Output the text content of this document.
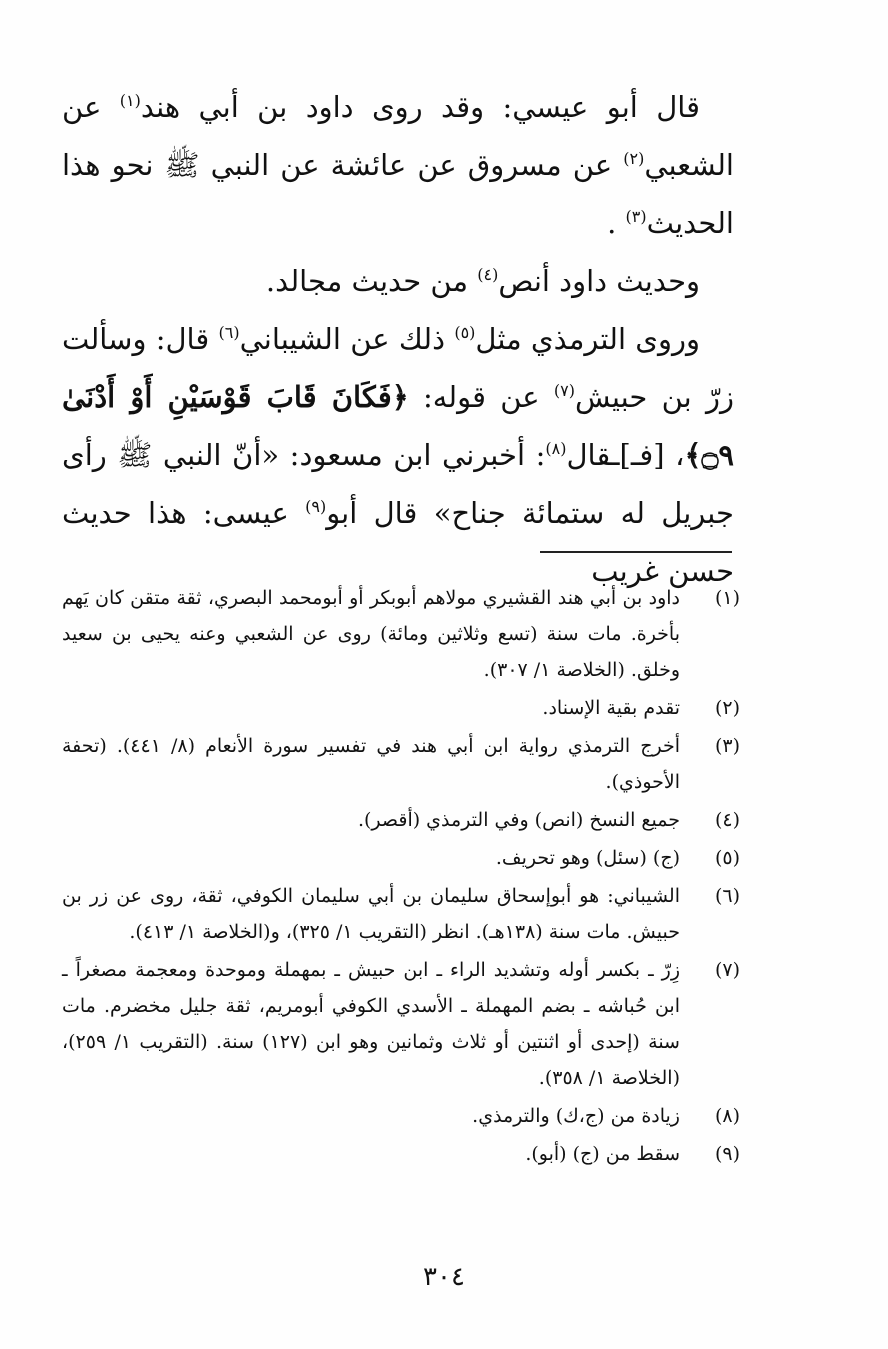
قال أبو عيسي: وقد روى داود بن أبي هند$^{(١)}$ عن الشعبي$^{(٢)}$ عن مسروق عن عائشة عن النبي ﷺ نحو هذا الحديث$^{(٣)}$ .

وحديث داود أنص$^{(٤)}$ من حديث مجالد.

وروى الترمذي مثل$^{(٥)}$ ذلك عن الشيباني$^{(٦)}$ قال: وسألت زرّ بن حبيش$^{(٧)}$ عن قوله: ﴿فَكَانَ قَابَ قَوْسَيْنِ أَوْ أَدْنَىٰ ۝٩﴾، [فـ]ـقال$^{(٨)}$: أخبرني ابن مسعود: «أنّ النبي ﷺ رأى جبريل له ستمائة جناح» قال أبو$^{(٩)}$ عيسى: هذا حديث حسن غريب

(١)
داود بن أبي هند القشيري مولاهم أبوبكر أو أبومحمد البصري، ثقة متقن كان يَهم بأخرة. مات سنة (تسع وثلاثين ومائة) روى عن الشعبي وعنه يحيى بن سعيد وخلق. (الخلاصة ١/ ٣٠٧).
(٢)
تقدم بقية الإسناد.
(٣)
أخرج الترمذي رواية ابن أبي هند في تفسير سورة الأنعام (٨/ ٤٤١). (تحفة الأحوذي).
(٤)
جميع النسخ (انص) وفي الترمذي (أقصر).
(٥)
(ج) (سئل) وهو تحريف.
(٦)
الشيباني: هو أبوإسحاق سليمان بن أبي سليمان الكوفي، ثقة، روى عن زر بن حبيش. مات سنة (١٣٨هـ). انظر (التقريب ١/ ٣٢٥)، و(الخلاصة ١/ ٤١٣).
(٧)
زِرّ ـ بكسر أوله وتشديد الراء ـ ابن حبيش ـ بمهملة وموحدة ومعجمة مصغراً ـ ابن حُباشه ـ بضم المهملة ـ الأسدي الكوفي أبومريم، ثقة جليل مخضرم. مات سنة (إحدى أو اثنتين أو ثلاث وثمانين وهو ابن (١٢٧) سنة. (التقريب ١/ ٢٥٩)، (الخلاصة ١/ ٣٥٨).
(٨)
زيادة من (ج،ك) والترمذي.
(٩)
سقط من (ج) (أبو).
٣٠٤
